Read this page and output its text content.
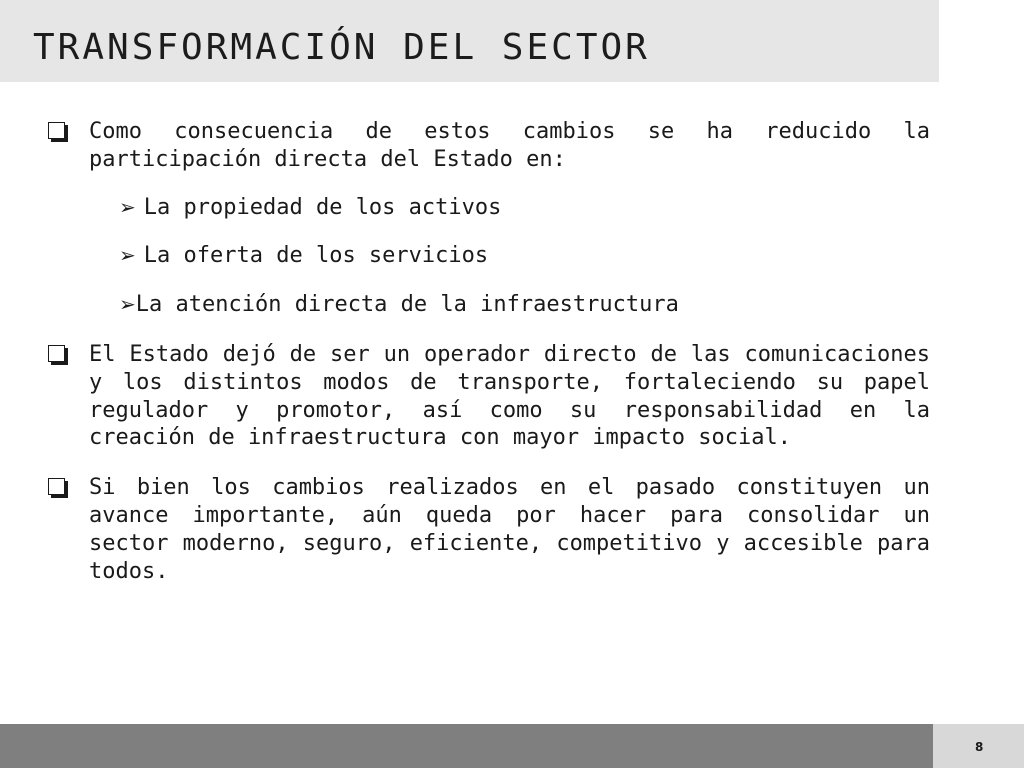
TRANSFORMACIÓN DEL SECTOR
Como consecuencia de estos cambios se ha reducido la participación directa del Estado en:
➢ La propiedad de los activos
➢ La oferta de los servicios
➢La atención directa de la infraestructura
El Estado dejó de ser un operador directo de las comunicaciones y los distintos modos de transporte, fortaleciendo su papel regulador y promotor, así como su responsabilidad en la creación de infraestructura con mayor impacto social.
Si bien los cambios realizados en el pasado constituyen un avance importante, aún queda por hacer para consolidar un sector moderno, seguro, eficiente, competitivo y accesible para todos.
8
